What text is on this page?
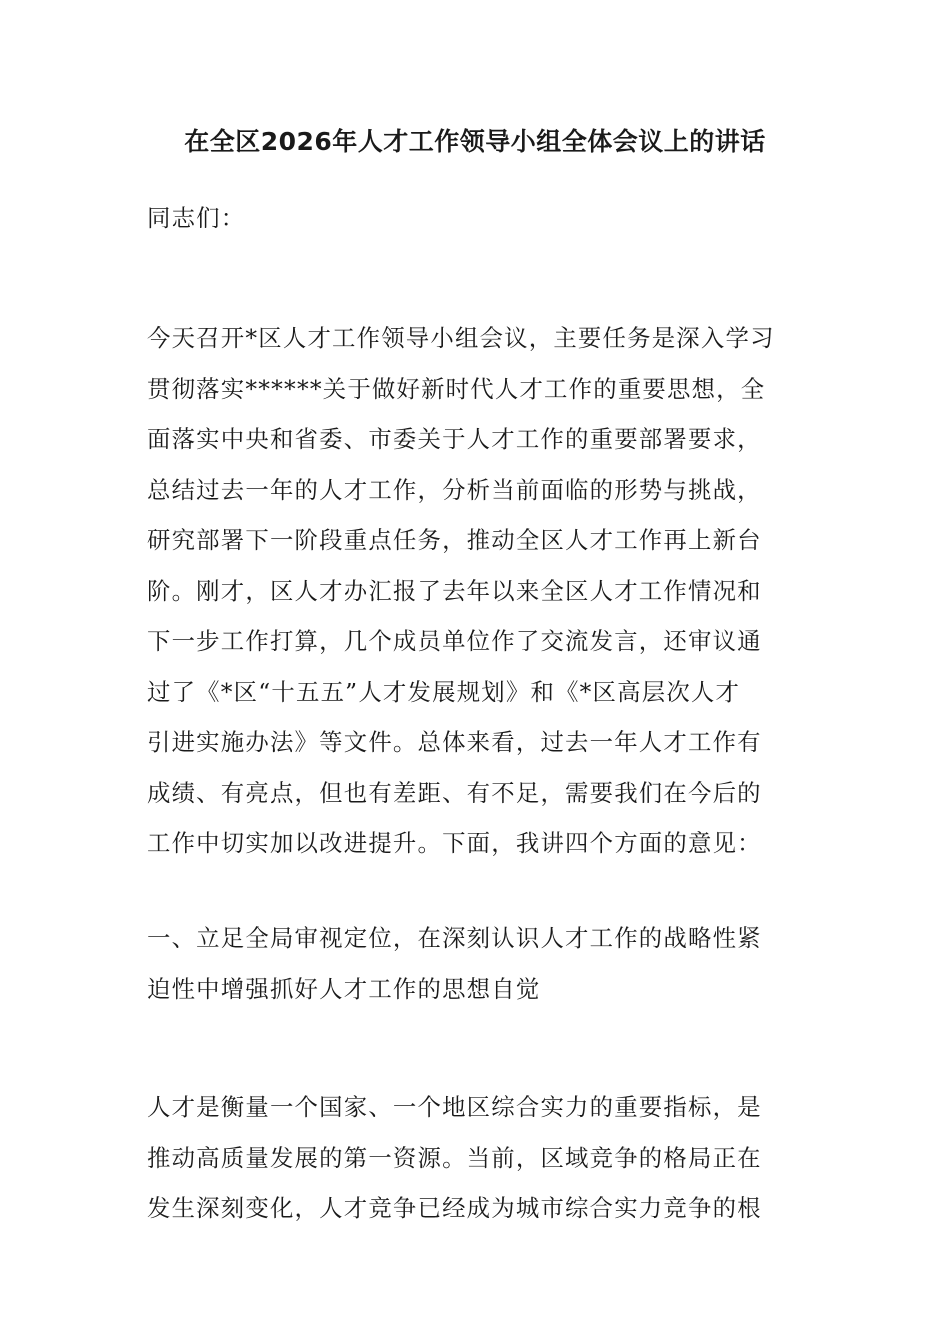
在全区2026年人才工作领导小组全体会议上的讲话

同志们：

今天召开*区人才工作领导小组会议，主要任务是深入学习
贯彻落实******关于做好新时代人才工作的重要思想，全
面落实中央和省委、市委关于人才工作的重要部署要求，
总结过去一年的人才工作，分析当前面临的形势与挑战，
研究部署下一阶段重点任务，推动全区人才工作再上新台
阶。刚才，区人才办汇报了去年以来全区人才工作情况和
下一步工作打算，几个成员单位作了交流发言，还审议通
过了《*区“十五五”人才发展规划》和《*区高层次人才
引进实施办法》等文件。总体来看，过去一年人才工作有
成绩、有亮点，但也有差距、有不足，需要我们在今后的
工作中切实加以改进提升。下面，我讲四个方面的意见：

一、立足全局审视定位，在深刻认识人才工作的战略性紧
迫性中增强抓好人才工作的思想自觉

人才是衡量一个国家、一个地区综合实力的重要指标，是
推动高质量发展的第一资源。当前，区域竞争的格局正在
发生深刻变化，人才竞争已经成为城市综合实力竞争的根
